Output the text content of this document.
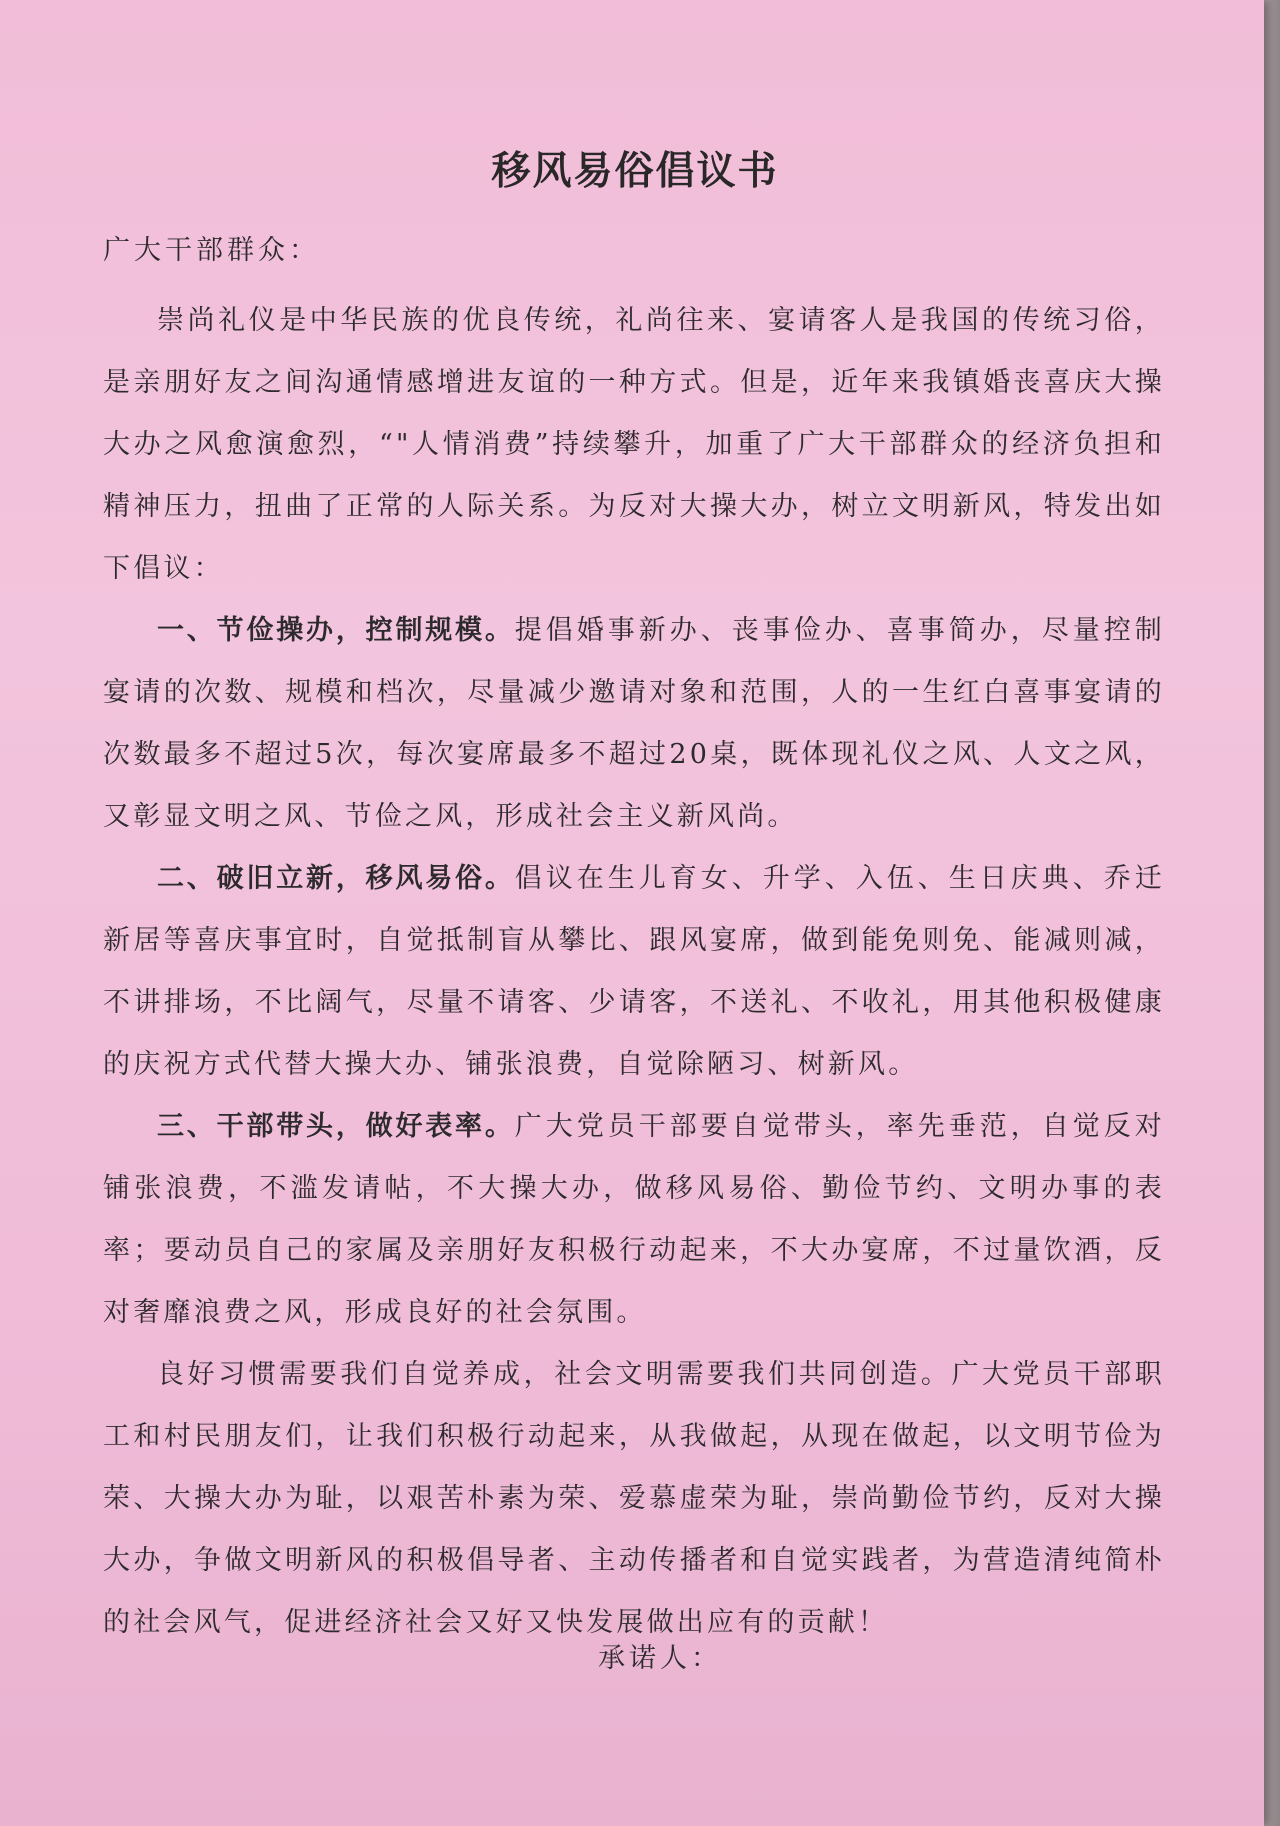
移风易俗倡议书
广大干部群众：

崇尚礼仪是中华民族的优良传统，礼尚往来、宴请客人是我国的传统习俗，是亲朋好友之间沟通情感增进友谊的一种方式。但是，近年来我镇婚丧喜庆大操大办之风愈演愈烈，“"人情消费”持续攀升，加重了广大干部群众的经济负担和精神压力，扭曲了正常的人际关系。为反对大操大办，树立文明新风，特发出如下倡议：

一、节俭操办，控制规模。提倡婚事新办、丧事俭办、喜事简办，尽量控制宴请的次数、规模和档次，尽量减少邀请对象和范围，人的一生红白喜事宴请的次数最多不超过5次，每次宴席最多不超过20桌，既体现礼仪之风、人文之风，又彰显文明之风、节俭之风，形成社会主义新风尚。

二、破旧立新，移风易俗。倡议在生儿育女、升学、入伍、生日庆典、乔迁新居等喜庆事宜时，自觉抵制盲从攀比、跟风宴席，做到能免则免、能减则减，不讲排场，不比阔气，尽量不请客、少请客，不送礼、不收礼，用其他积极健康的庆祝方式代替大操大办、铺张浪费，自觉除陋习、树新风。

三、干部带头，做好表率。广大党员干部要自觉带头，率先垂范，自觉反对铺张浪费，不滥发请帖，不大操大办，做移风易俗、勤俭节约、文明办事的表率；要动员自己的家属及亲朋好友积极行动起来，不大办宴席，不过量饮酒，反对奢靡浪费之风，形成良好的社会氛围。

良好习惯需要我们自觉养成，社会文明需要我们共同创造。广大党员干部职工和村民朋友们，让我们积极行动起来，从我做起，从现在做起，以文明节俭为荣、大操大办为耻，以艰苦朴素为荣、爱慕虚荣为耻，崇尚勤俭节约，反对大操大办，争做文明新风的积极倡导者、主动传播者和自觉实践者，为营造清纯简朴的社会风气，促进经济社会又好又快发展做出应有的贡献！

承诺人：
